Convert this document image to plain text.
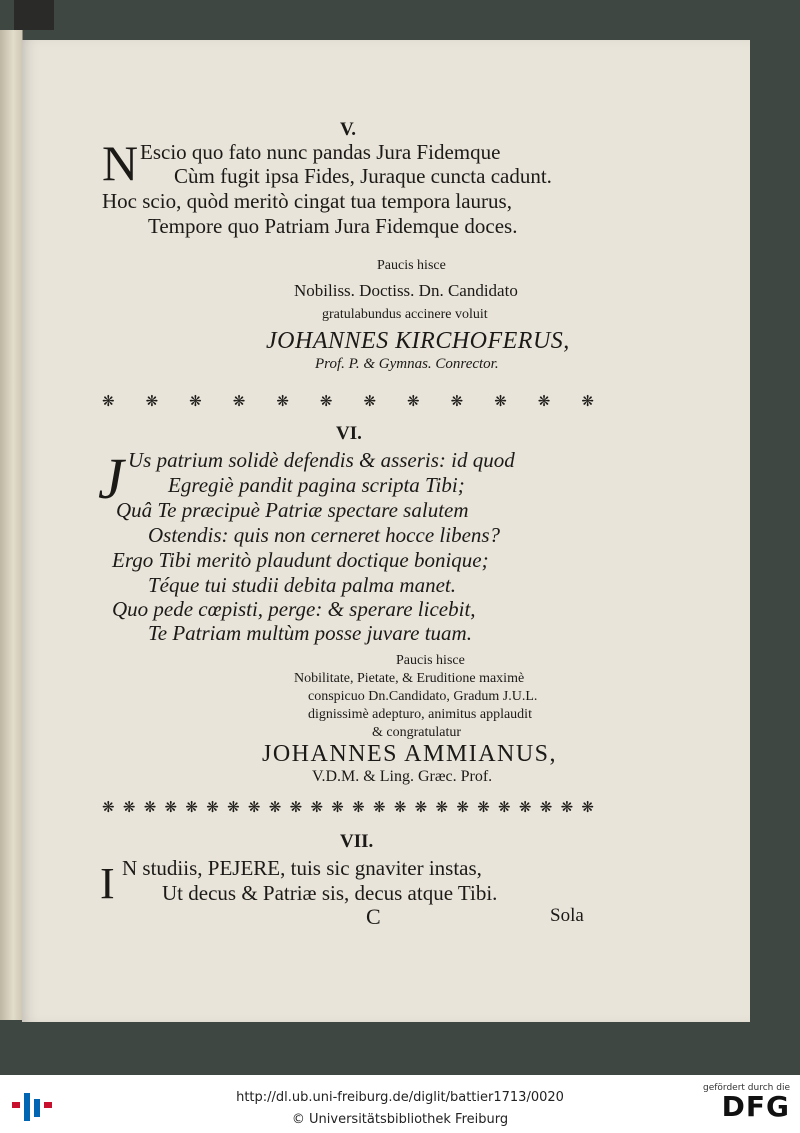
V.
N Escio quo fato nunc pandas Jura Fidemque
Cùm fugit ipsa Fides, Juraque cuncta cadunt.
Hoc scio, quòd meritò cingat tua tempora laurus,
Tempore quo Patriam Jura Fidemque doces.
Paucis hisce
Nobiliss. Doctiss. Dn. Candidato
gratulabundus accinere voluit
JOHANNES KIRCHOFERUS,
Prof. P. & Gymnas. Conrector.
❋ ❋ ❋ ❋ ❋ ❋ ❋ ❋ ❋ ❋ ❋ ❋
VI.
J Us patrium solidè defendis & asseris: id quod
Egregiè pandit pagina scripta Tibi;
Quâ Te præcipuè Patriæ spectare salutem
Ostendis: quis non cerneret hocce libens?
Ergo Tibi meritò plaudunt doctique bonique;
Téque tui studii debita palma manet.
Quo pede cœpisti, perge: & sperare licebit,
Te Patriam multùm posse juvare tuam.
Paucis hisce
Nobilitate, Pietate, & Eruditione maximè
conspicuo Dn.Candidato, Gradum J.U.L.
dignissimè adepturo, animitus applaudit
& congratulatur
JOHANNES AMMIANUS,
V.D.M. & Ling. Græc. Prof.
❋ ❋ ❋ ❋ ❋ ❋ ❋ ❋ ❋ ❋ ❋ ❋ ❋ ❋ ❋ ❋ ❋ ❋ ❋ ❋ ❋ ❋ ❋ ❋
VII.
I N studiis, PEJERE, tuis sic gnaviter instas,
Ut decus & Patriæ sis, decus atque Tibi.
C	Sola
http://dl.ub.uni-freiburg.de/diglit/battier1713/0020
© Universitätsbibliothek Freiburg
gefördert durch die
DFG
